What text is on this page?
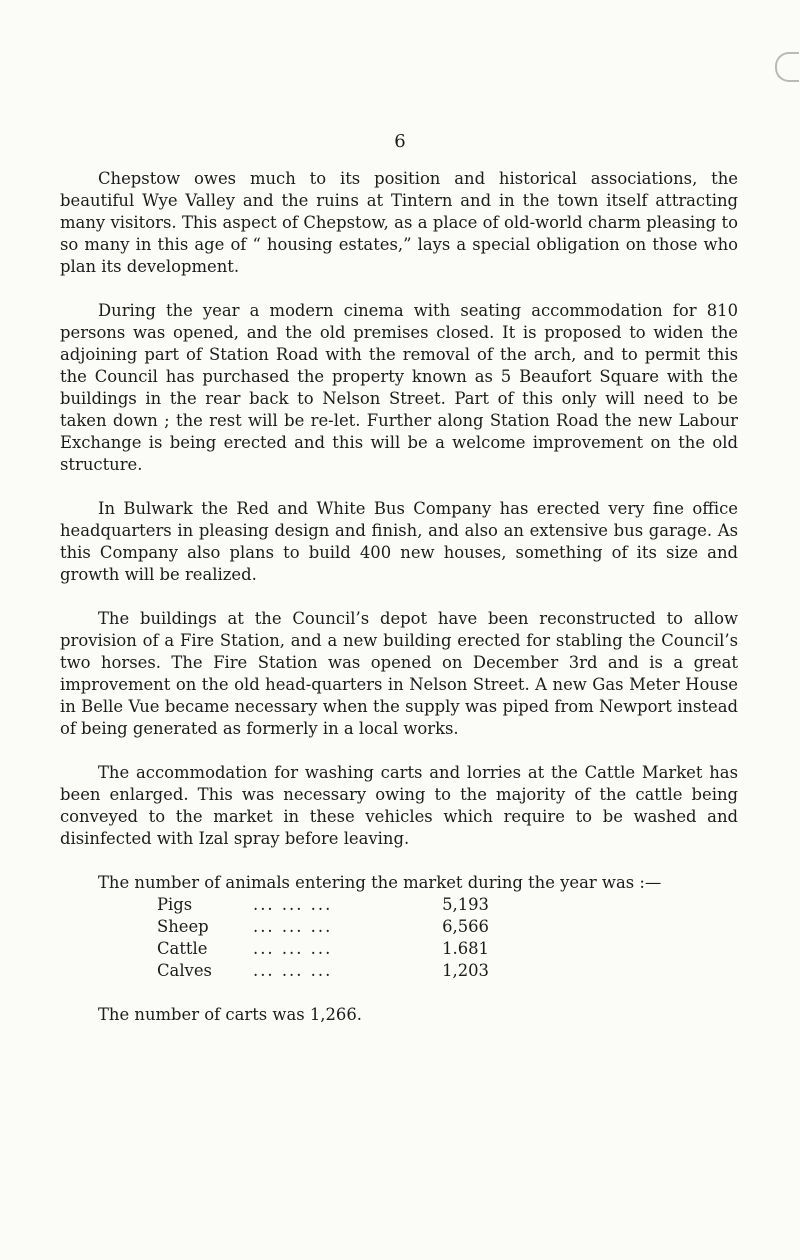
6

Chepstow owes much to its position and historical associations, the beautiful Wye Valley and the ruins at Tintern and in the town itself attracting many visitors. This aspect of Chepstow, as a place of old-world charm pleasing to so many in this age of “ housing estates,” lays a special obligation on those who plan its development.

During the year a modern cinema with seating accommodation for 810 persons was opened, and the old premises closed. It is proposed to widen the adjoining part of Station Road with the removal of the arch, and to permit this the Council has purchased the property known as 5 Beaufort Square with the buildings in the rear back to Nelson Street. Part of this only will need to be taken down ; the rest will be re-let. Further along Station Road the new Labour Exchange is being erected and this will be a welcome improvement on the old structure.

In Bulwark the Red and White Bus Company has erected very fine office headquarters in pleasing design and finish, and also an extensive bus garage. As this Company also plans to build 400 new houses, something of its size and growth will be realized.

The buildings at the Council’s depot have been reconstructed to allow provision of a Fire Station, and a new building erected for stabling the Council’s two horses. The Fire Station was opened on December 3rd and is a great improvement on the old head-quarters in Nelson Street. A new Gas Meter House in Belle Vue became necessary when the supply was piped from Newport instead of being generated as formerly in a local works.

The accommodation for washing carts and lorries at the Cattle Market has been enlarged. This was necessary owing to the majority of the cattle being conveyed to the market in these vehicles which require to be washed and disinfected with Izal spray before leaving.

The number of animals entering the market during the year was :—

Pigs	... ... ...	5,193
Sheep	... ... ...	6,566
Cattle	... ... ...	1.681
Calves	... ... ...	1,203
The number of carts was 1,266.
